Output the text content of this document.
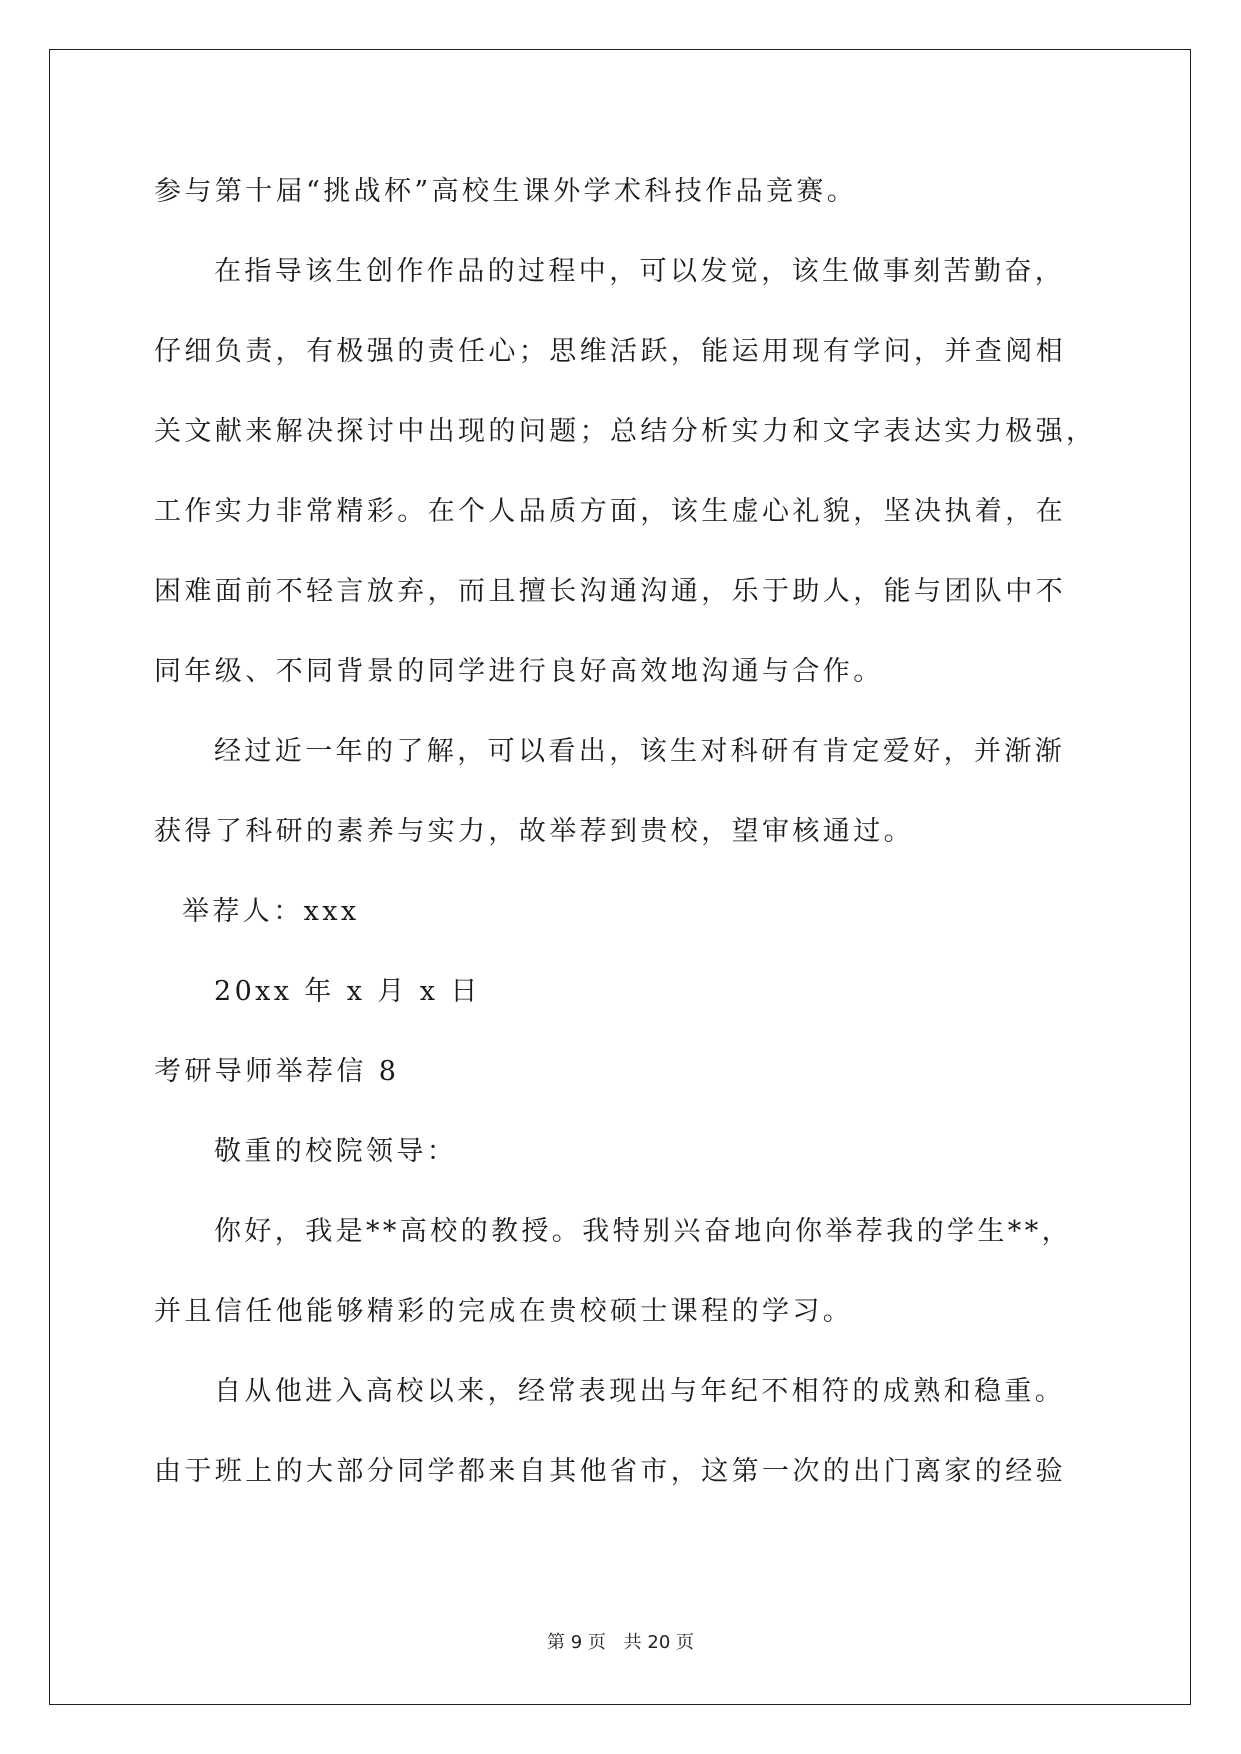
参与第十届“挑战杯”高校生课外学术科技作品竞赛。
在指导该生创作作品的过程中，可以发觉，该生做事刻苦勤奋，
仔细负责，有极强的责任心；思维活跃，能运用现有学问，并查阅相
关文献来解决探讨中出现的问题；总结分析实力和文字表达实力极强，
工作实力非常精彩。在个人品质方面，该生虚心礼貌，坚决执着，在
困难面前不轻言放弃，而且擅长沟通沟通，乐于助人，能与团队中不
同年级、不同背景的同学进行良好高效地沟通与合作。
经过近一年的了解，可以看出，该生对科研有肯定爱好，并渐渐
获得了科研的素养与实力，故举荐到贵校，望审核通过。
举荐人：xxx
20xx 年 x 月 x 日
考研导师举荐信 8
敬重的校院领导：
你好，我是**高校的教授。我特别兴奋地向你举荐我的学生**，
并且信任他能够精彩的完成在贵校硕士课程的学习。
自从他进入高校以来，经常表现出与年纪不相符的成熟和稳重。
由于班上的大部分同学都来自其他省市，这第一次的出门离家的经验
第 9 页 共 20 页
